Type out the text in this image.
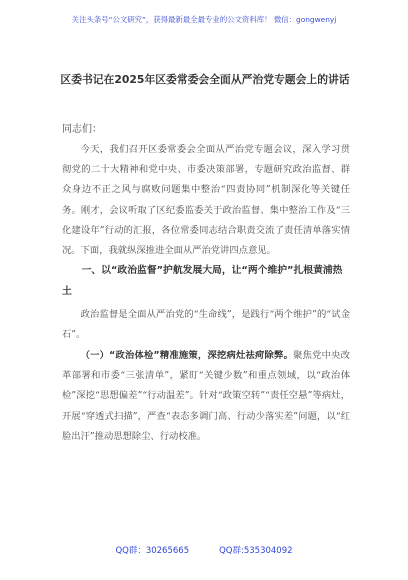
关注头条号“公文研究”，获得最新最全最专业的公文资料库！ 微信：gongwenyj
区委书记在2025年区委常委会全面从严治党专题会上的讲话
同志们：

今天，我们召开区委常委会全面从严治党专题会议，深入学习贯彻党的二十大精神和党中央、市委决策部署，专题研究政治监督、群众身边不正之风与腐败问题集中整治“四责协同”机制深化等关键任务。刚才，会议听取了区纪委监委关于政治监督、集中整治工作及“三化建设年”行动的汇报，各位常委同志结合职责交流了责任清单落实情况。下面，我就纵深推进全面从严治党讲四点意见。

一、以“政治监督”护航发展大局，让“两个维护”扎根黄浦热土

政治监督是全面从严治党的“生命线”，是践行“两个维护”的“试金石”。

（一）“政治体检”精准施策，深挖病灶祛疴除弊。聚焦党中央改革部署和市委“三张清单”，紧盯“关键少数”和重点领域，以“政治体检”深挖“思想偏差”“行动温差”。针对“政策空转”“责任空悬”等病灶，开展“穿透式扫描”，严查“表态多调门高、行动少落实差”问题，以“红脸出汗”推动思想除尘、行动校准。

QQ群：30265665	QQ群:535304092
